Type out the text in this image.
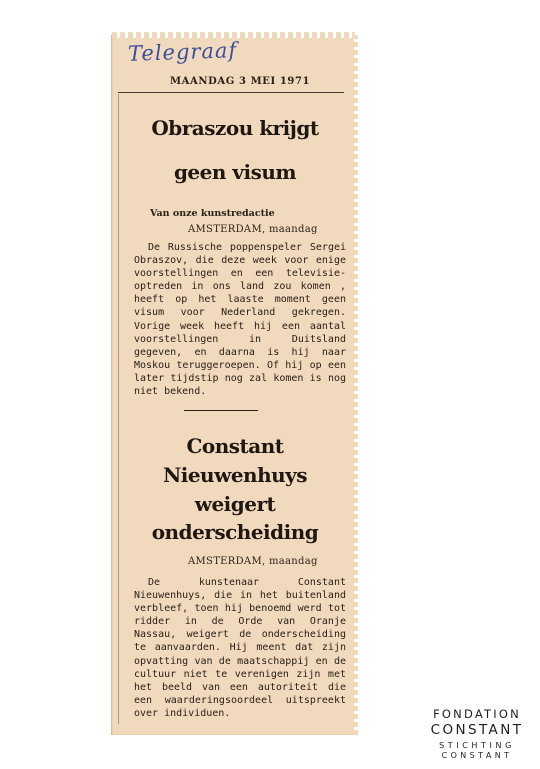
Telegraaf
MAANDAG 3 MEI 1971
Obraszou krijgt
geen visum
Van onze kunstredactie
AMSTERDAM, maandag

De Russische poppenspeler Sergei Obraszov, die deze week voor enige voorstellingen en een televisie-optreden in ons land zou komen , heeft op het laaste moment geen visum voor Nederland gekregen. Vorige week heeft hij een aantal voorstellingen in Duitsland gegeven, en daarna is hij naar Moskou teruggeroepen. Of hij op een later tijdstip nog zal komen is nog niet bekend.

Constant
Nieuwenhuys
weigert
onderscheiding
AMSTERDAM, maandag

De kunstenaar Constant Nieuwenhuys, die in het buitenland verbleef, toen hij benoemd werd tot ridder in de Orde van Oranje Nassau, weigert de onderscheiding te aanvaarden. Hij meent dat zijn opvatting van de maatschappij en de cultuur niet te verenigen zijn met het beeld van een autoriteit die een waarderingsoordeel uitspreekt over individuen.	FONDATION
CONSTANT
STICHTING
CONSTANT
